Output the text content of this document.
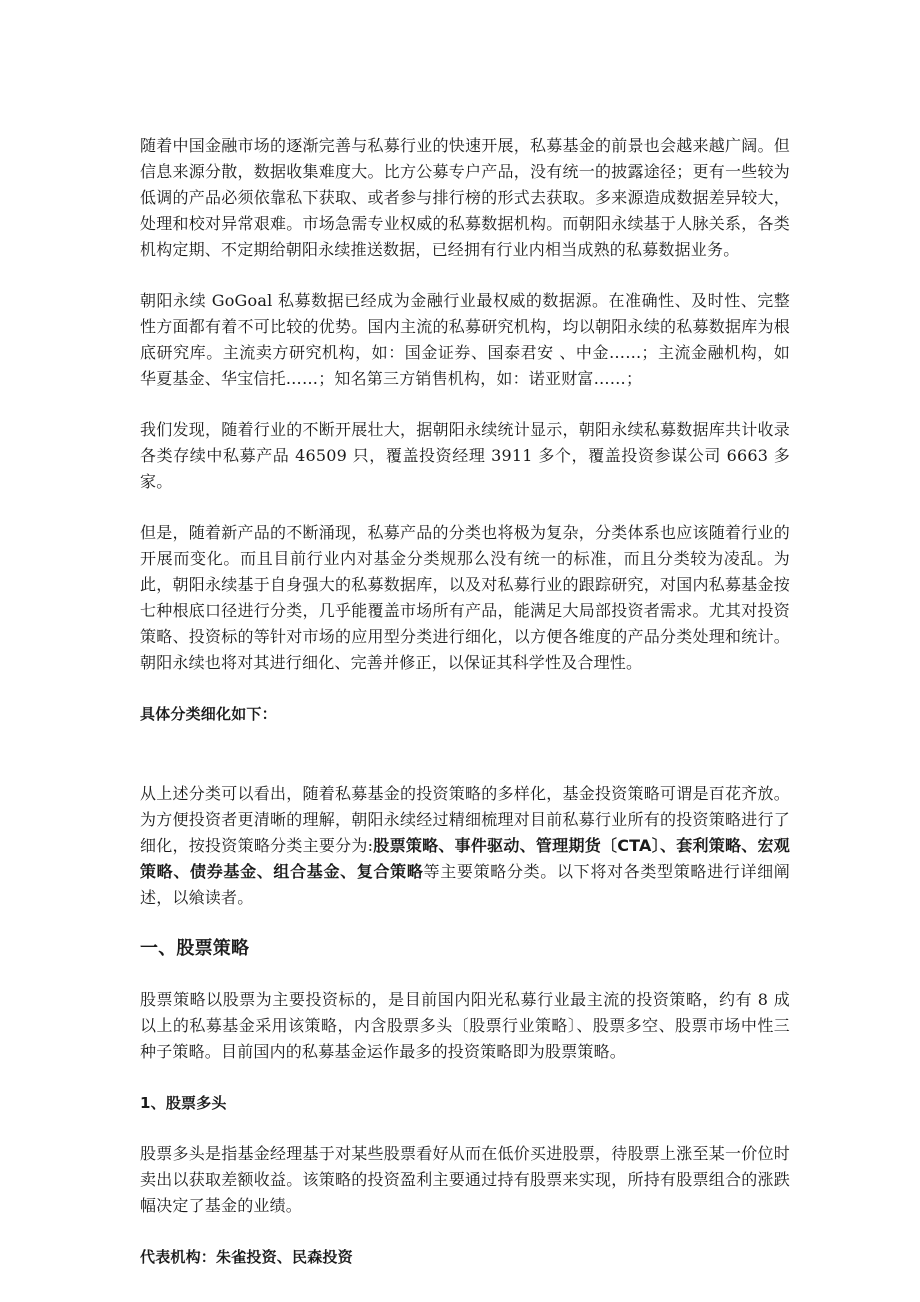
随着中国金融市场的逐渐完善与私募行业的快速开展，私募基金的前景也会越来越广阔。但信息来源分散，数据收集难度大。比方公募专户产品，没有统一的披露途径；更有一些较为低调的产品必须依靠私下获取、或者参与排行榜的形式去获取。多来源造成数据差异较大，处理和校对异常艰难。市场急需专业权威的私募数据机构。而朝阳永续基于人脉关系，各类机构定期、不定期给朝阳永续推送数据，已经拥有行业内相当成熟的私募数据业务。

朝阳永续 GoGoal 私募数据已经成为金融行业最权威的数据源。在准确性、及时性、完整性方面都有着不可比较的优势。国内主流的私募研究机构，均以朝阳永续的私募数据库为根底研究库。主流卖方研究机构，如：国金证券、国泰君安 、中金……；主流金融机构，如华夏基金、华宝信托……；知名第三方销售机构，如：诺亚财富……；

我们发现，随着行业的不断开展壮大，据朝阳永续统计显示，朝阳永续私募数据库共计收录各类存续中私募产品 46509 只，覆盖投资经理 3911 多个，覆盖投资参谋公司 6663 多家。

但是，随着新产品的不断涌现，私募产品的分类也将极为复杂，分类体系也应该随着行业的开展而变化。而且目前行业内对基金分类规那么没有统一的标准，而且分类较为凌乱。为此，朝阳永续基于自身强大的私募数据库，以及对私募行业的跟踪研究，对国内私募基金按七种根底口径进行分类，几乎能覆盖市场所有产品，能满足大局部投资者需求。尤其对投资策略、投资标的等针对市场的应用型分类进行细化，以方便各维度的产品分类处理和统计。朝阳永续也将对其进行细化、完善并修正，以保证其科学性及合理性。

具体分类细化如下：

从上述分类可以看出，随着私募基金的投资策略的多样化，基金投资策略可谓是百花齐放。为方便投资者更清晰的理解，朝阳永续经过精细梳理对目前私募行业所有的投资策略进行了细化，按投资策略分类主要分为:股票策略、事件驱动、管理期货〔CTA〕、套利策略、宏观策略、债券基金、组合基金、复合策略等主要策略分类。以下将对各类型策略进行详细阐述，以飨读者。

一、股票策略

股票策略以股票为主要投资标的，是目前国内阳光私募行业最主流的投资策略，约有 8 成以上的私募基金采用该策略，内含股票多头〔股票行业策略〕、股票多空、股票市场中性三种子策略。目前国内的私募基金运作最多的投资策略即为股票策略。

1、股票多头

股票多头是指基金经理基于对某些股票看好从而在低价买进股票，待股票上涨至某一价位时卖出以获取差额收益。该策略的投资盈利主要通过持有股票来实现，所持有股票组合的涨跌幅决定了基金的业绩。

代表机构：朱雀投资、民森投资
